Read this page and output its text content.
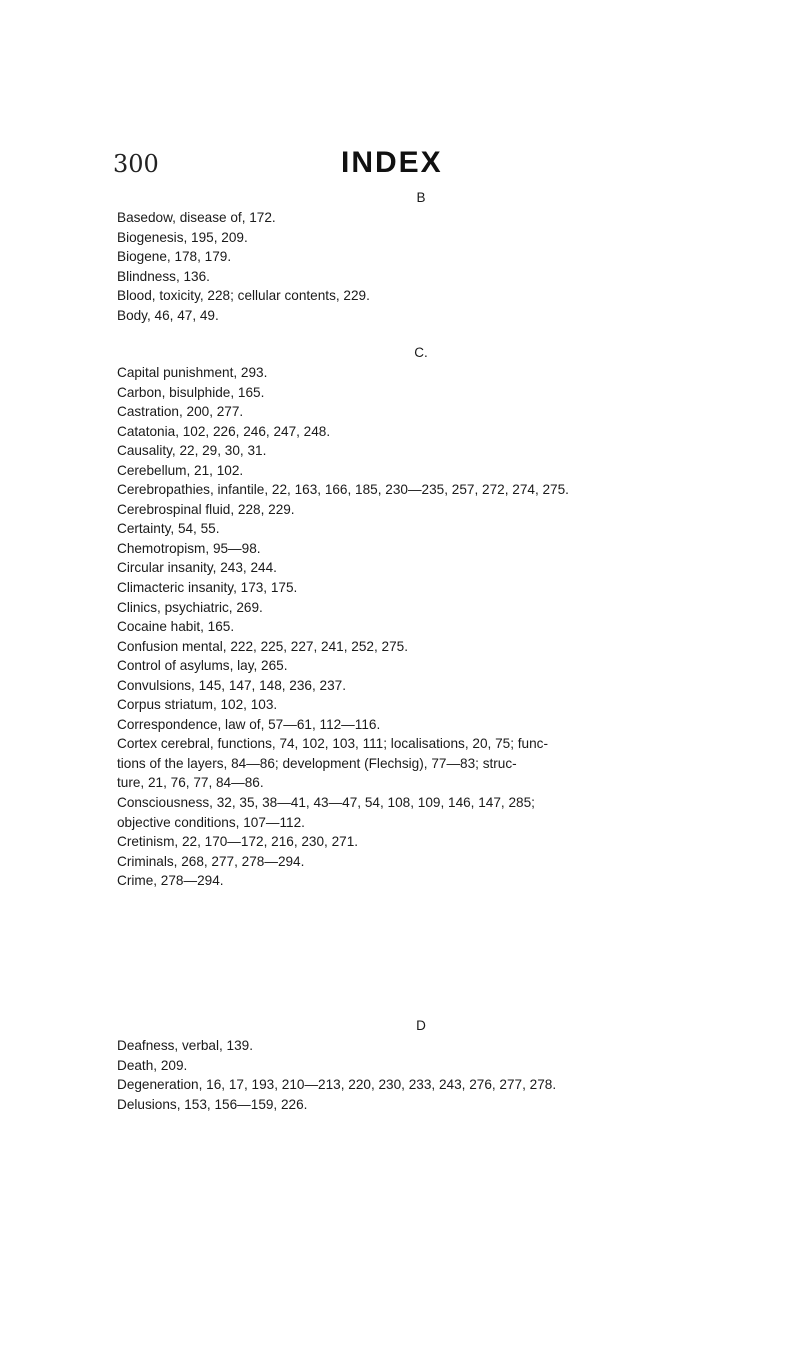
300	INDEX
B
Basedow, disease of, 172.
Biogenesis, 195, 209.
Biogene, 178, 179.
Blindness, 136.
Blood, toxicity, 228; cellular contents, 229.
Body, 46, 47, 49.
C.
Capital punishment, 293.
Carbon, bisulphide, 165.
Castration, 200, 277.
Catatonia, 102, 226, 246, 247, 248.
Causality, 22, 29, 30, 31.
Cerebellum, 21, 102.
Cerebropathies, infantile, 22, 163, 166, 185, 230—235, 257, 272, 274, 275.
Cerebrospinal fluid, 228, 229.
Certainty, 54, 55.
Chemotropism, 95—98.
Circular insanity, 243, 244.
Climacteric insanity, 173, 175.
Clinics, psychiatric, 269.
Cocaine habit, 165.
Confusion mental, 222, 225, 227, 241, 252, 275.
Control of asylums, lay, 265.
Convulsions, 145, 147, 148, 236, 237.
Corpus striatum, 102, 103.
Correspondence, law of, 57—61, 112—116.
Cortex cerebral, functions, 74, 102, 103, 111; localisations, 20, 75; func-
tions of the layers, 84—86; development (Flechsig), 77—83; struc-
ture, 21, 76, 77, 84—86.
Consciousness, 32, 35, 38—41, 43—47, 54, 108, 109, 146, 147, 285;
objective conditions, 107—112.
Cretinism, 22, 170—172, 216, 230, 271.
Criminals, 268, 277, 278—294.
Crime, 278—294.
D
Deafness, verbal, 139.
Death, 209.
Degeneration, 16, 17, 193, 210—213, 220, 230, 233, 243, 276, 277, 278.
Delusions, 153, 156—159, 226.
